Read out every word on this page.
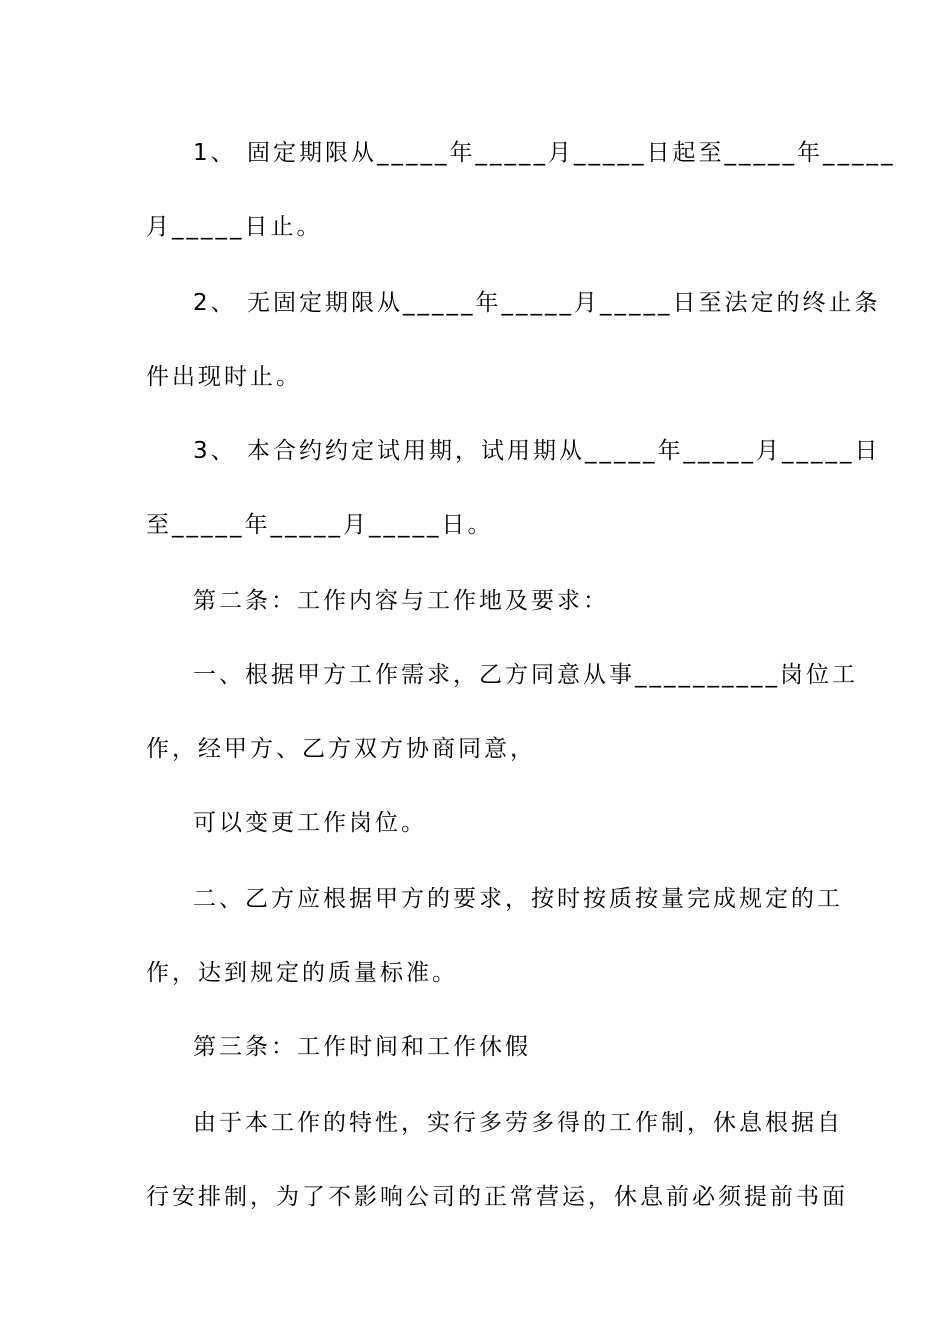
1、 固定期限从_____年_____月_____日起至_____年_____

月_____日止。

2、 无固定期限从_____年_____月_____日至法定的终止条

件出现时止。

3、 本合约约定试用期，试用期从_____年_____月_____日

至_____年_____月_____日。

第二条：工作内容与工作地及要求：

一、根据甲方工作需求，乙方同意从事__________岗位工

作，经甲方、乙方双方协商同意，

可以变更工作岗位。

二、乙方应根据甲方的要求，按时按质按量完成规定的工

作，达到规定的质量标准。

第三条：工作时间和工作休假

由于本工作的特性，实行多劳多得的工作制，休息根据自

行安排制，为了不影响公司的正常营运，休息前必须提前书面
